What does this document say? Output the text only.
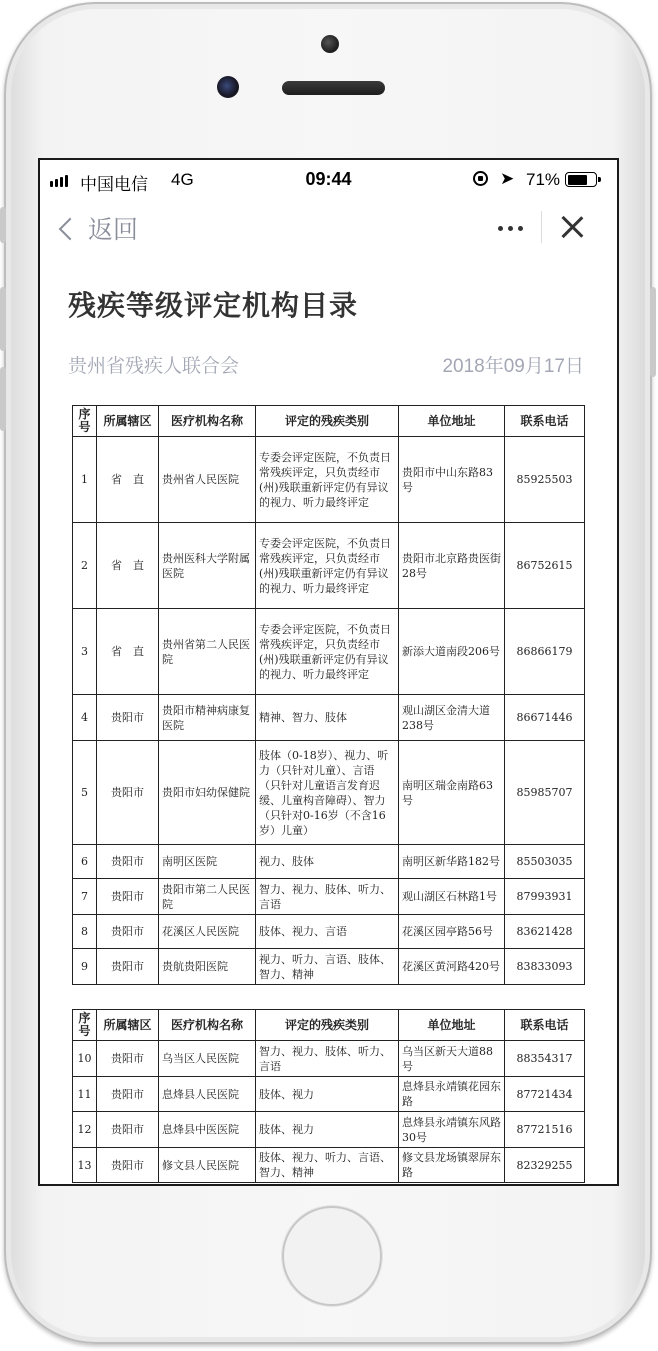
中国电信 4G	09:44	➤ 71%
返回
残疾等级评定机构目录
贵州省残疾人联合会	2018年09月17日
序号	所属辖区	医疗机构名称	评定的残疾类别	单位地址	联系电话
1	省　直	贵州省人民医院	专委会评定医院，不负责日常残疾评定，只负责经市(州)残联重新评定仍有异议的视力、听力最终评定	贵阳市中山东路83号	85925503
2	省　直	贵州医科大学附属医院	专委会评定医院，不负责日常残疾评定，只负责经市(州)残联重新评定仍有异议的视力、听力最终评定	贵阳市北京路贵医街28号	86752615
3	省　直	贵州省第二人民医院	专委会评定医院，不负责日常残疾评定，只负责经市(州)残联重新评定仍有异议的视力、听力最终评定	新添大道南段206号	86866179
4	贵阳市	贵阳市精神病康复医院	精神、智力、肢体	观山湖区金清大道238号	86671446
5	贵阳市	贵阳市妇幼保健院	肢体（0-18岁）、视力、听力（只针对儿童）、言语（只针对儿童语言发育迟缓、儿童构音障碍）、智力（只针对0-16岁（不含16岁）儿童）	南明区瑞金南路63号	85985707
6	贵阳市	南明区医院	视力、肢体	南明区新华路182号	85503035
7	贵阳市	贵阳市第二人民医院	智力、视力、肢体、听力、言语	观山湖区石林路1号	87993931
8	贵阳市	花溪区人民医院	肢体、视力、言语	花溪区园亭路56号	83621428
9	贵阳市	贵航贵阳医院	视力、听力、言语、肢体、智力、精神	花溪区黄河路420号	83833093
序号	所属辖区	医疗机构名称	评定的残疾类别	单位地址	联系电话
10	贵阳市	乌当区人民医院	智力、视力、肢体、听力、言语	乌当区新天大道88号	88354317
11	贵阳市	息烽县人民医院	肢体、视力	息烽县永靖镇花园东路	87721434
12	贵阳市	息烽县中医医院	肢体、视力	息烽县永靖镇东风路30号	87721516
13	贵阳市	修文县人民医院	肢体、视力、听力、言语、智力、精神	修文县龙场镇翠屏东路	82329255
